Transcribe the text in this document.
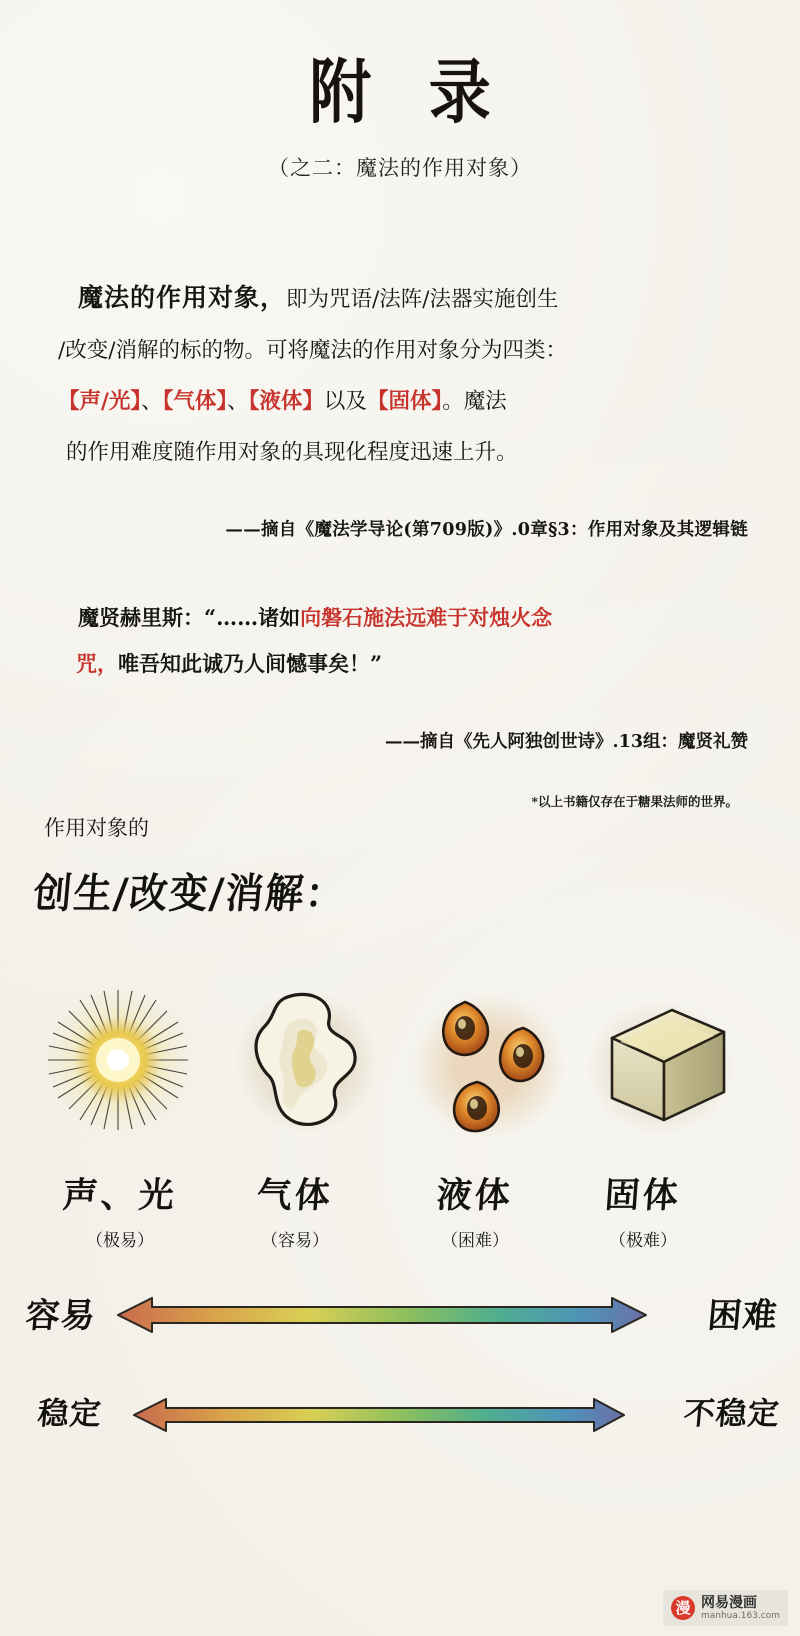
附 录
（之二：魔法的作用对象）
魔法的作用对象，即为咒语/法阵/法器实施创生
/改变/消解的标的物。可将魔法的作用对象分为四类：
【声/光】、【气体】、【液体】以及【固体】。魔法
的作用难度随作用对象的具现化程度迅速上升。
——摘自《魔法学导论(第709版)》.0章§3：作用对象及其逻辑链
魔贤赫里斯：“……诸如向磐石施法远难于对烛火念
咒，唯吾知此诚乃人间憾事矣！”
——摘自《先人阿独创世诗》.13组：魔贤礼赞
*以上书籍仅存在于糖果法师的世界。
作用对象的
创生/改变/消解：
声、光
（极易）
气体
（容易）
液体
（困难）
固体
（极难）
容易	困难
稳定	不稳定
漫 网易漫画
manhua.163.com
